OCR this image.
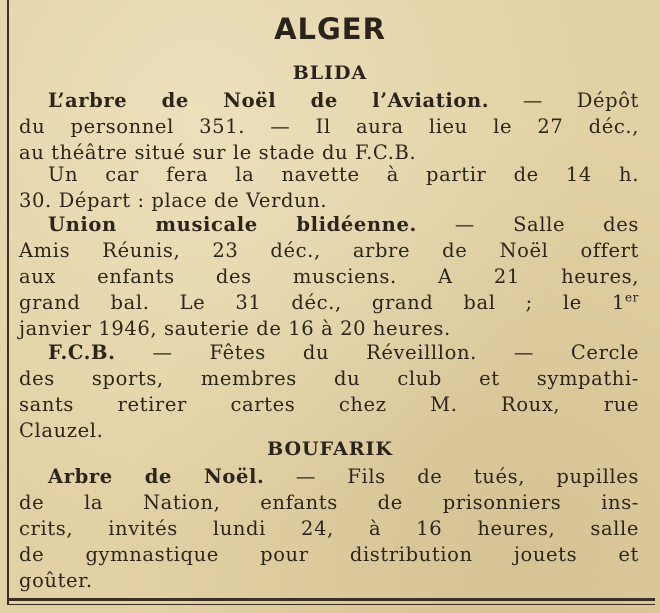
ALGER
BLIDA
L’arbre de Noël de l’Aviation. — Dépôt
du personnel 351. — Il aura lieu le 27 déc.,
au théâtre situé sur le stade du F.C.B.
Un car fera la navette à partir de 14 h.
30. Départ : place de Verdun.
Union musicale blidéenne. — Salle des
Amis Réunis, 23 déc., arbre de Noël offert
aux enfants des musciens. A 21 heures,
grand bal. Le 31 déc., grand bal ; le 1er
janvier 1946, sauterie de 16 à 20 heures.
F.C.B. — Fêtes du Réveilllon. — Cercle
des sports, membres du club et sympathi-
sants retirer cartes chez M. Roux, rue
Clauzel.
BOUFARIK
Arbre de Noël. — Fils de tués, pupilles
de la Nation, enfants de prisonniers ins-
crits, invités lundi 24, à 16 heures, salle
de gymnastique pour distribution jouets et
goûter.
